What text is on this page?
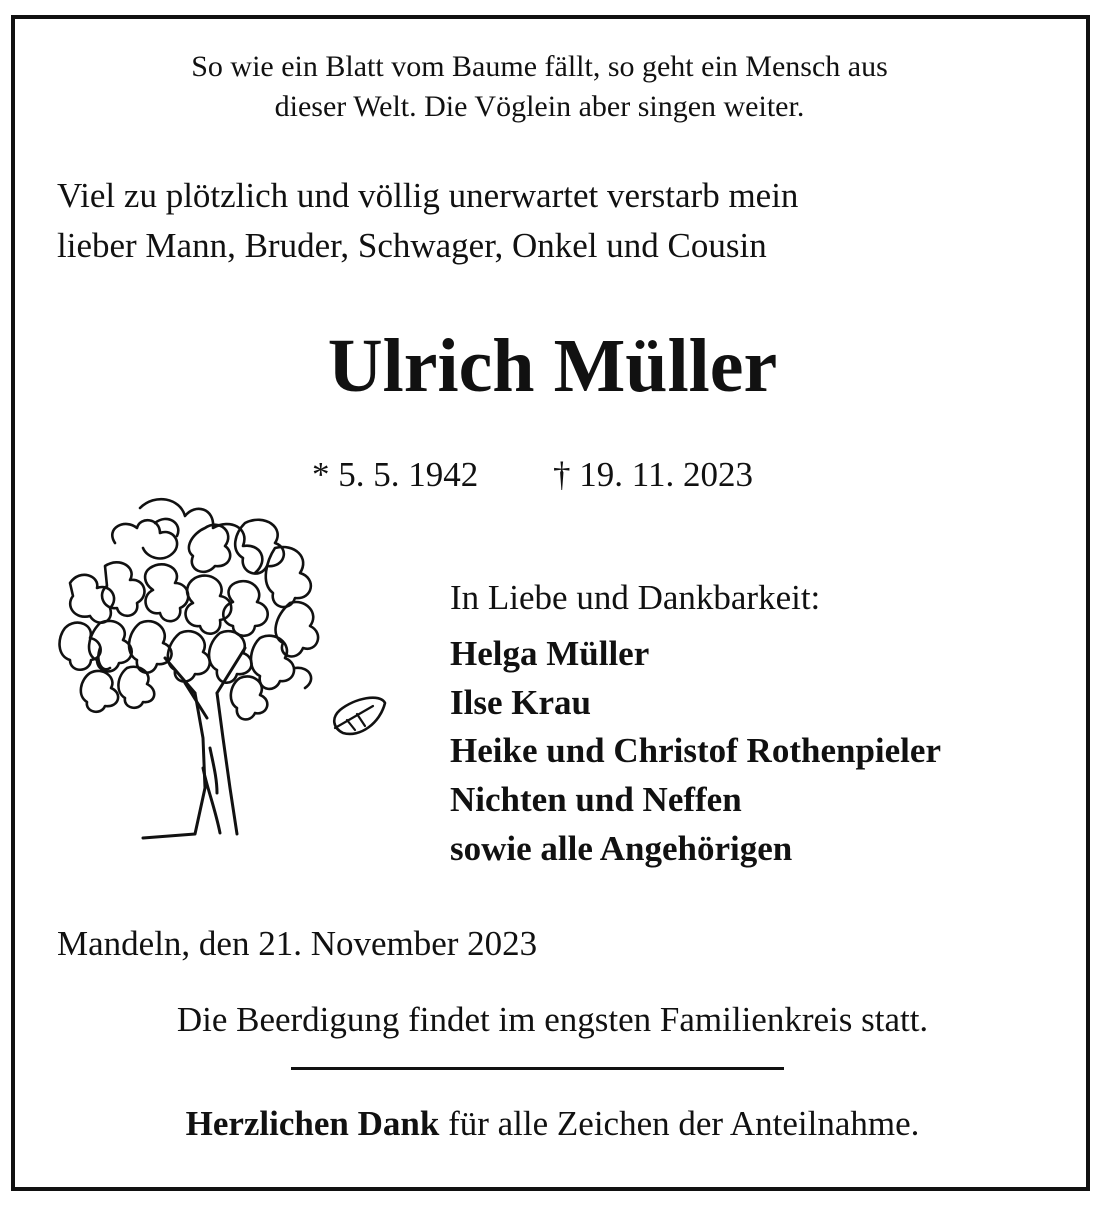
So wie ein Blatt vom Baume fällt, so geht ein Mensch aus
dieser Welt. Die Vöglein aber singen weiter.
Viel zu plötzlich und völlig unerwartet verstarb mein
lieber Mann, Bruder, Schwager, Onkel und Cousin
Ulrich Müller
* 5. 5. 1942 † 19. 11. 2023
In Liebe und Dankbarkeit:
Helga Müller
Ilse Krau
Heike und Christof Rothenpieler
Nichten und Neffen
sowie alle Angehörigen
Mandeln, den 21. November 2023
Die Beerdigung findet im engsten Familienkreis statt.
Herzlichen Dank für alle Zeichen der Anteilnahme.
